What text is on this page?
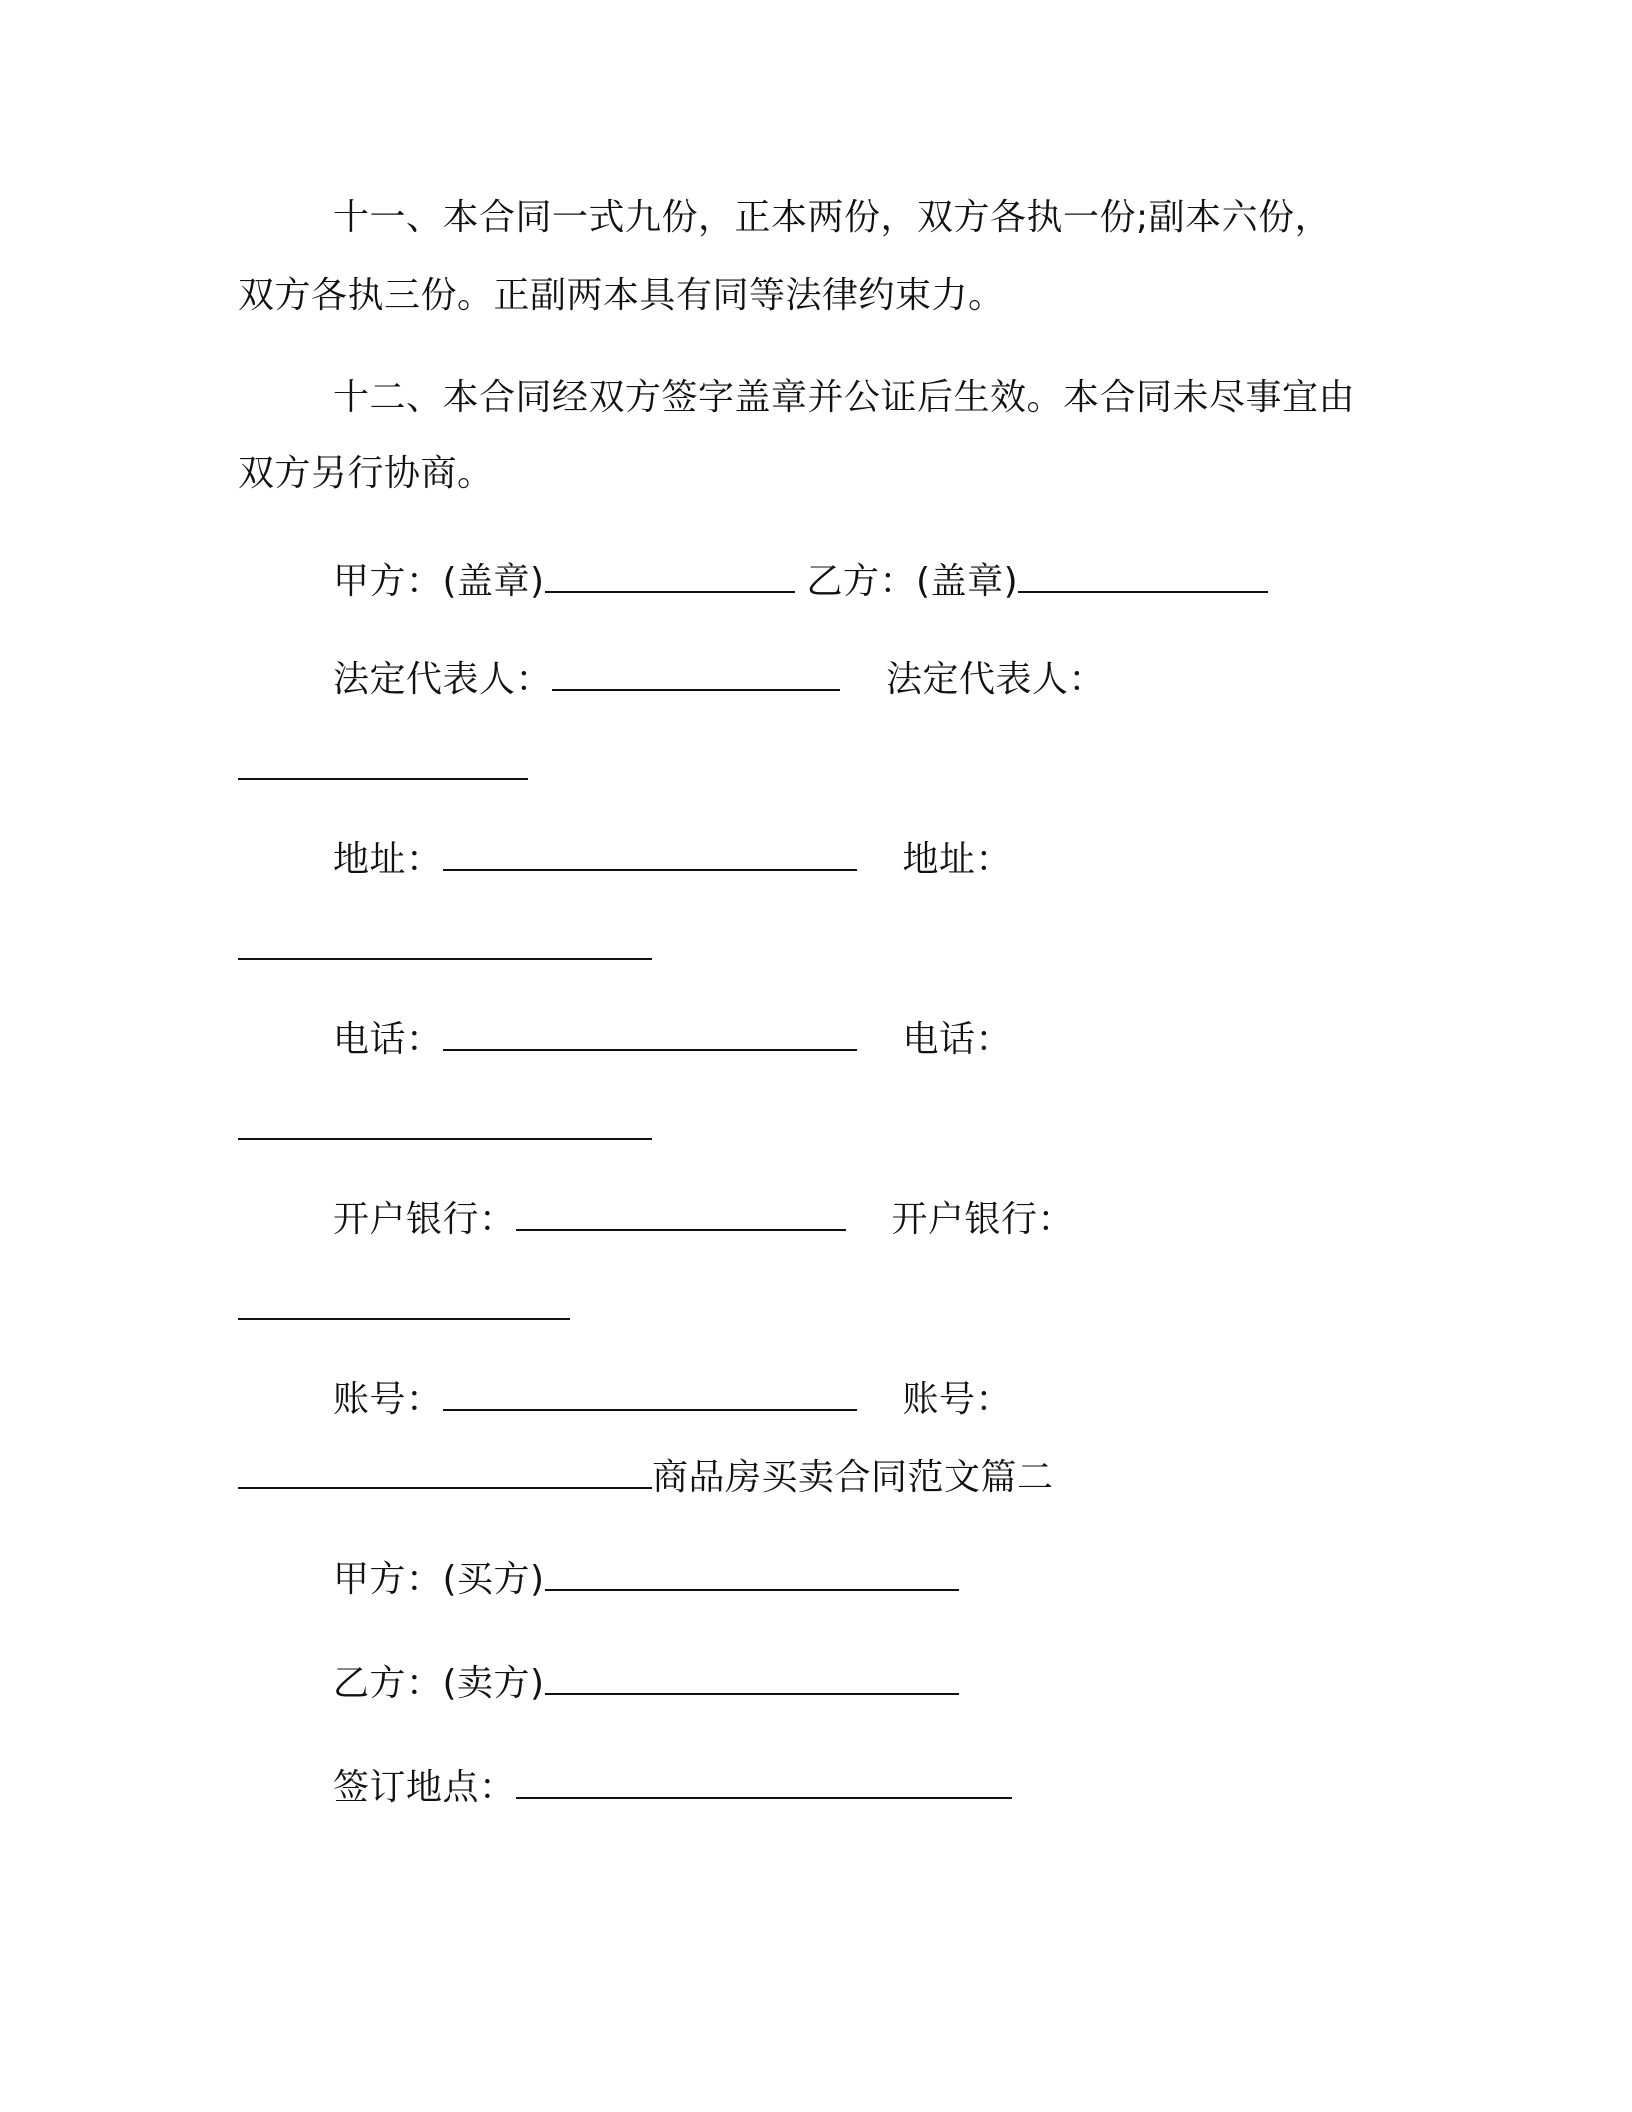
十一、本合同一式九份，正本两份，双方各执一份;副本六份，
双方各执三份。正副两本具有同等法律约束力。
十二、本合同经双方签字盖章并公证后生效。本合同未尽事宜由
双方另行协商。
甲方：(盖章)	乙方：(盖章)
法定代表人：	法定代表人：
地址：	地址：
电话：	电话：
开户银行：	开户银行：
账号：	账号：
商品房买卖合同范文篇二
甲方：(买方)
乙方：(卖方)
签订地点：
